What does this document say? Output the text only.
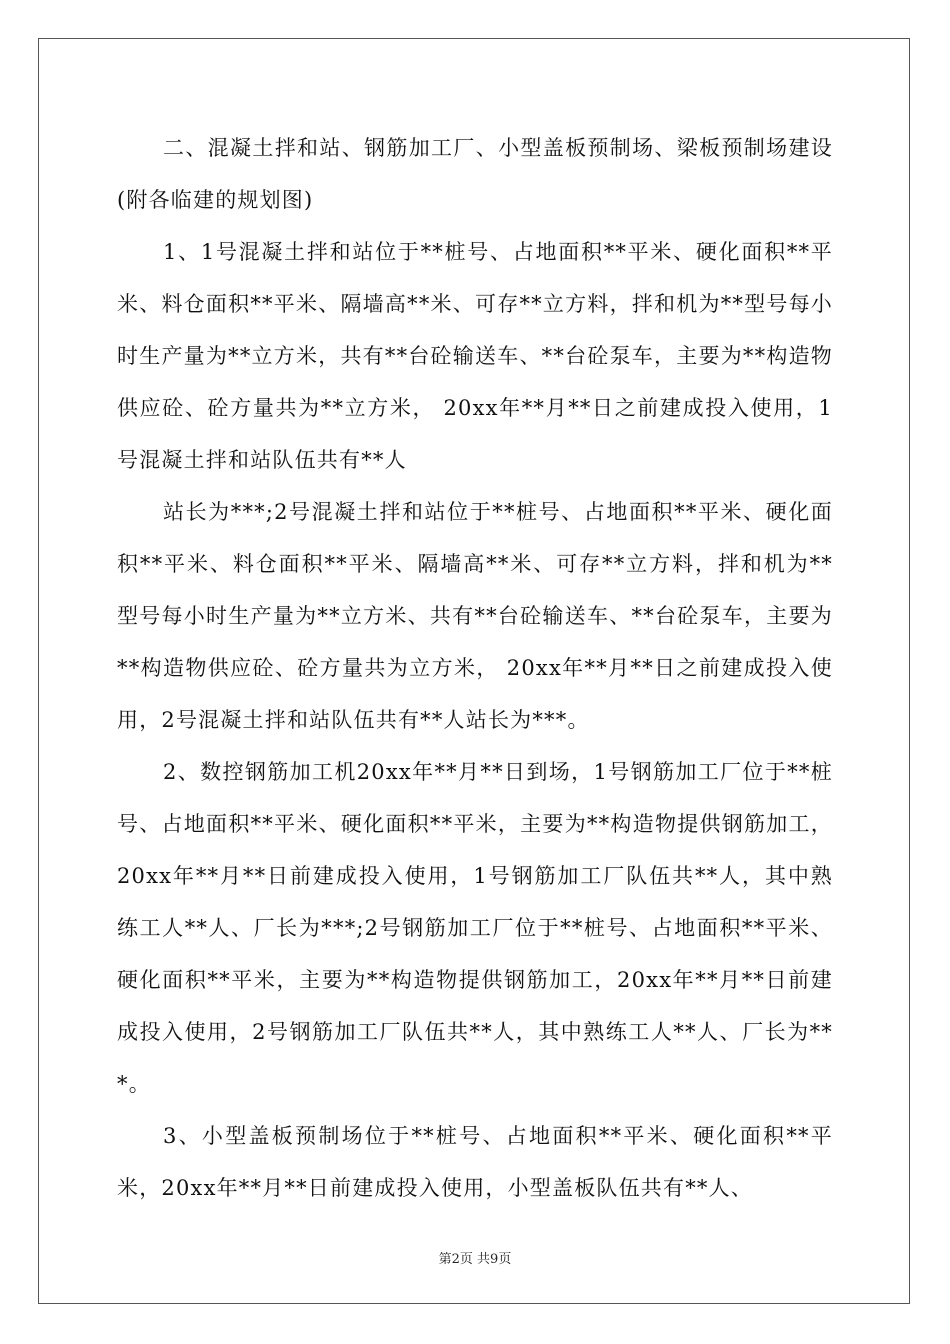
二、混凝土拌和站、钢筋加工厂、小型盖板预制场、梁板预制场建设(附各临建的规划图)

1、1号混凝土拌和站位于**桩号、占地面积**平米、硬化面积**平米、料仓面积**平米、隔墙高**米、可存**立方料，拌和机为**型号每小时生产量为**立方米，共有**台砼输送车、**台砼泵车，主要为**构造物供应砼、砼方量共为**立方米， 20xx年**月**日之前建成投入使用，1号混凝土拌和站队伍共有**人

站长为***;2号混凝土拌和站位于**桩号、占地面积**平米、硬化面积**平米、料仓面积**平米、隔墙高**米、可存**立方料，拌和机为**型号每小时生产量为**立方米、共有**台砼输送车、**台砼泵车，主要为**构造物供应砼、砼方量共为立方米， 20xx年**月**日之前建成投入使用，2号混凝土拌和站队伍共有**人站长为***。

2、数控钢筋加工机20xx年**月**日到场，1号钢筋加工厂位于**桩号、占地面积**平米、硬化面积**平米，主要为**构造物提供钢筋加工，20xx年**月**日前建成投入使用，1号钢筋加工厂队伍共**人，其中熟练工人**人、厂长为***;2号钢筋加工厂位于**桩号、占地面积**平米、硬化面积**平米，主要为**构造物提供钢筋加工，20xx年**月**日前建成投入使用，2号钢筋加工厂队伍共**人，其中熟练工人**人、厂长为***。

3、小型盖板预制场位于**桩号、占地面积**平米、硬化面积**平米，20xx年**月**日前建成投入使用，小型盖板队伍共有**人、

第2页 共9页
